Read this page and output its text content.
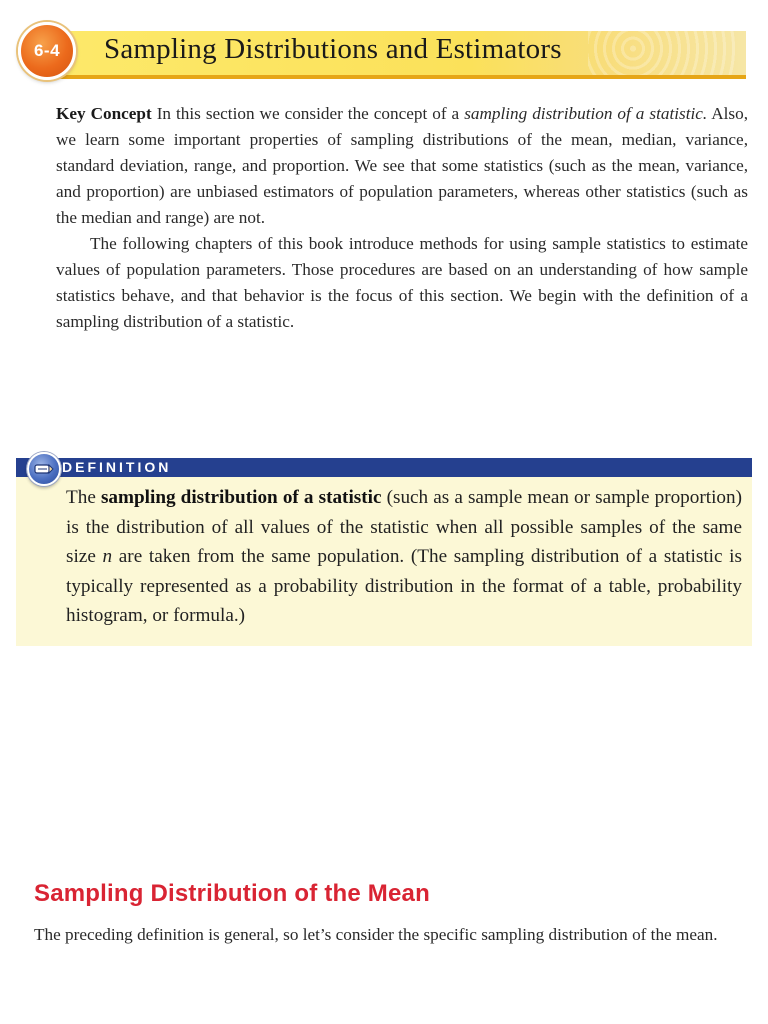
6-4 Sampling Distributions and Estimators

Key Concept In this section we consider the concept of a sampling distribution of a statistic. Also, we learn some important properties of sampling distributions of the mean, median, variance, standard deviation, range, and proportion. We see that some statistics (such as the mean, variance, and proportion) are unbiased estimators of population parameters, whereas other statistics (such as the median and range) are not.

The following chapters of this book introduce methods for using sample statistics to estimate values of population parameters. Those procedures are based on an understanding of how sample statistics behave, and that behavior is the focus of this section. We begin with the definition of a sampling distribution of a statistic.

DEFINITION

The sampling distribution of a statistic (such as a sample mean or sample proportion) is the distribution of all values of the statistic when all possible samples of the same size n are taken from the same population. (The sampling distribution of a statistic is typically represented as a probability distribution in the format of a table, probability histogram, or formula.)

Sampling Distribution of the Mean

The preceding definition is general, so let’s consider the specific sampling distribution of the mean.
